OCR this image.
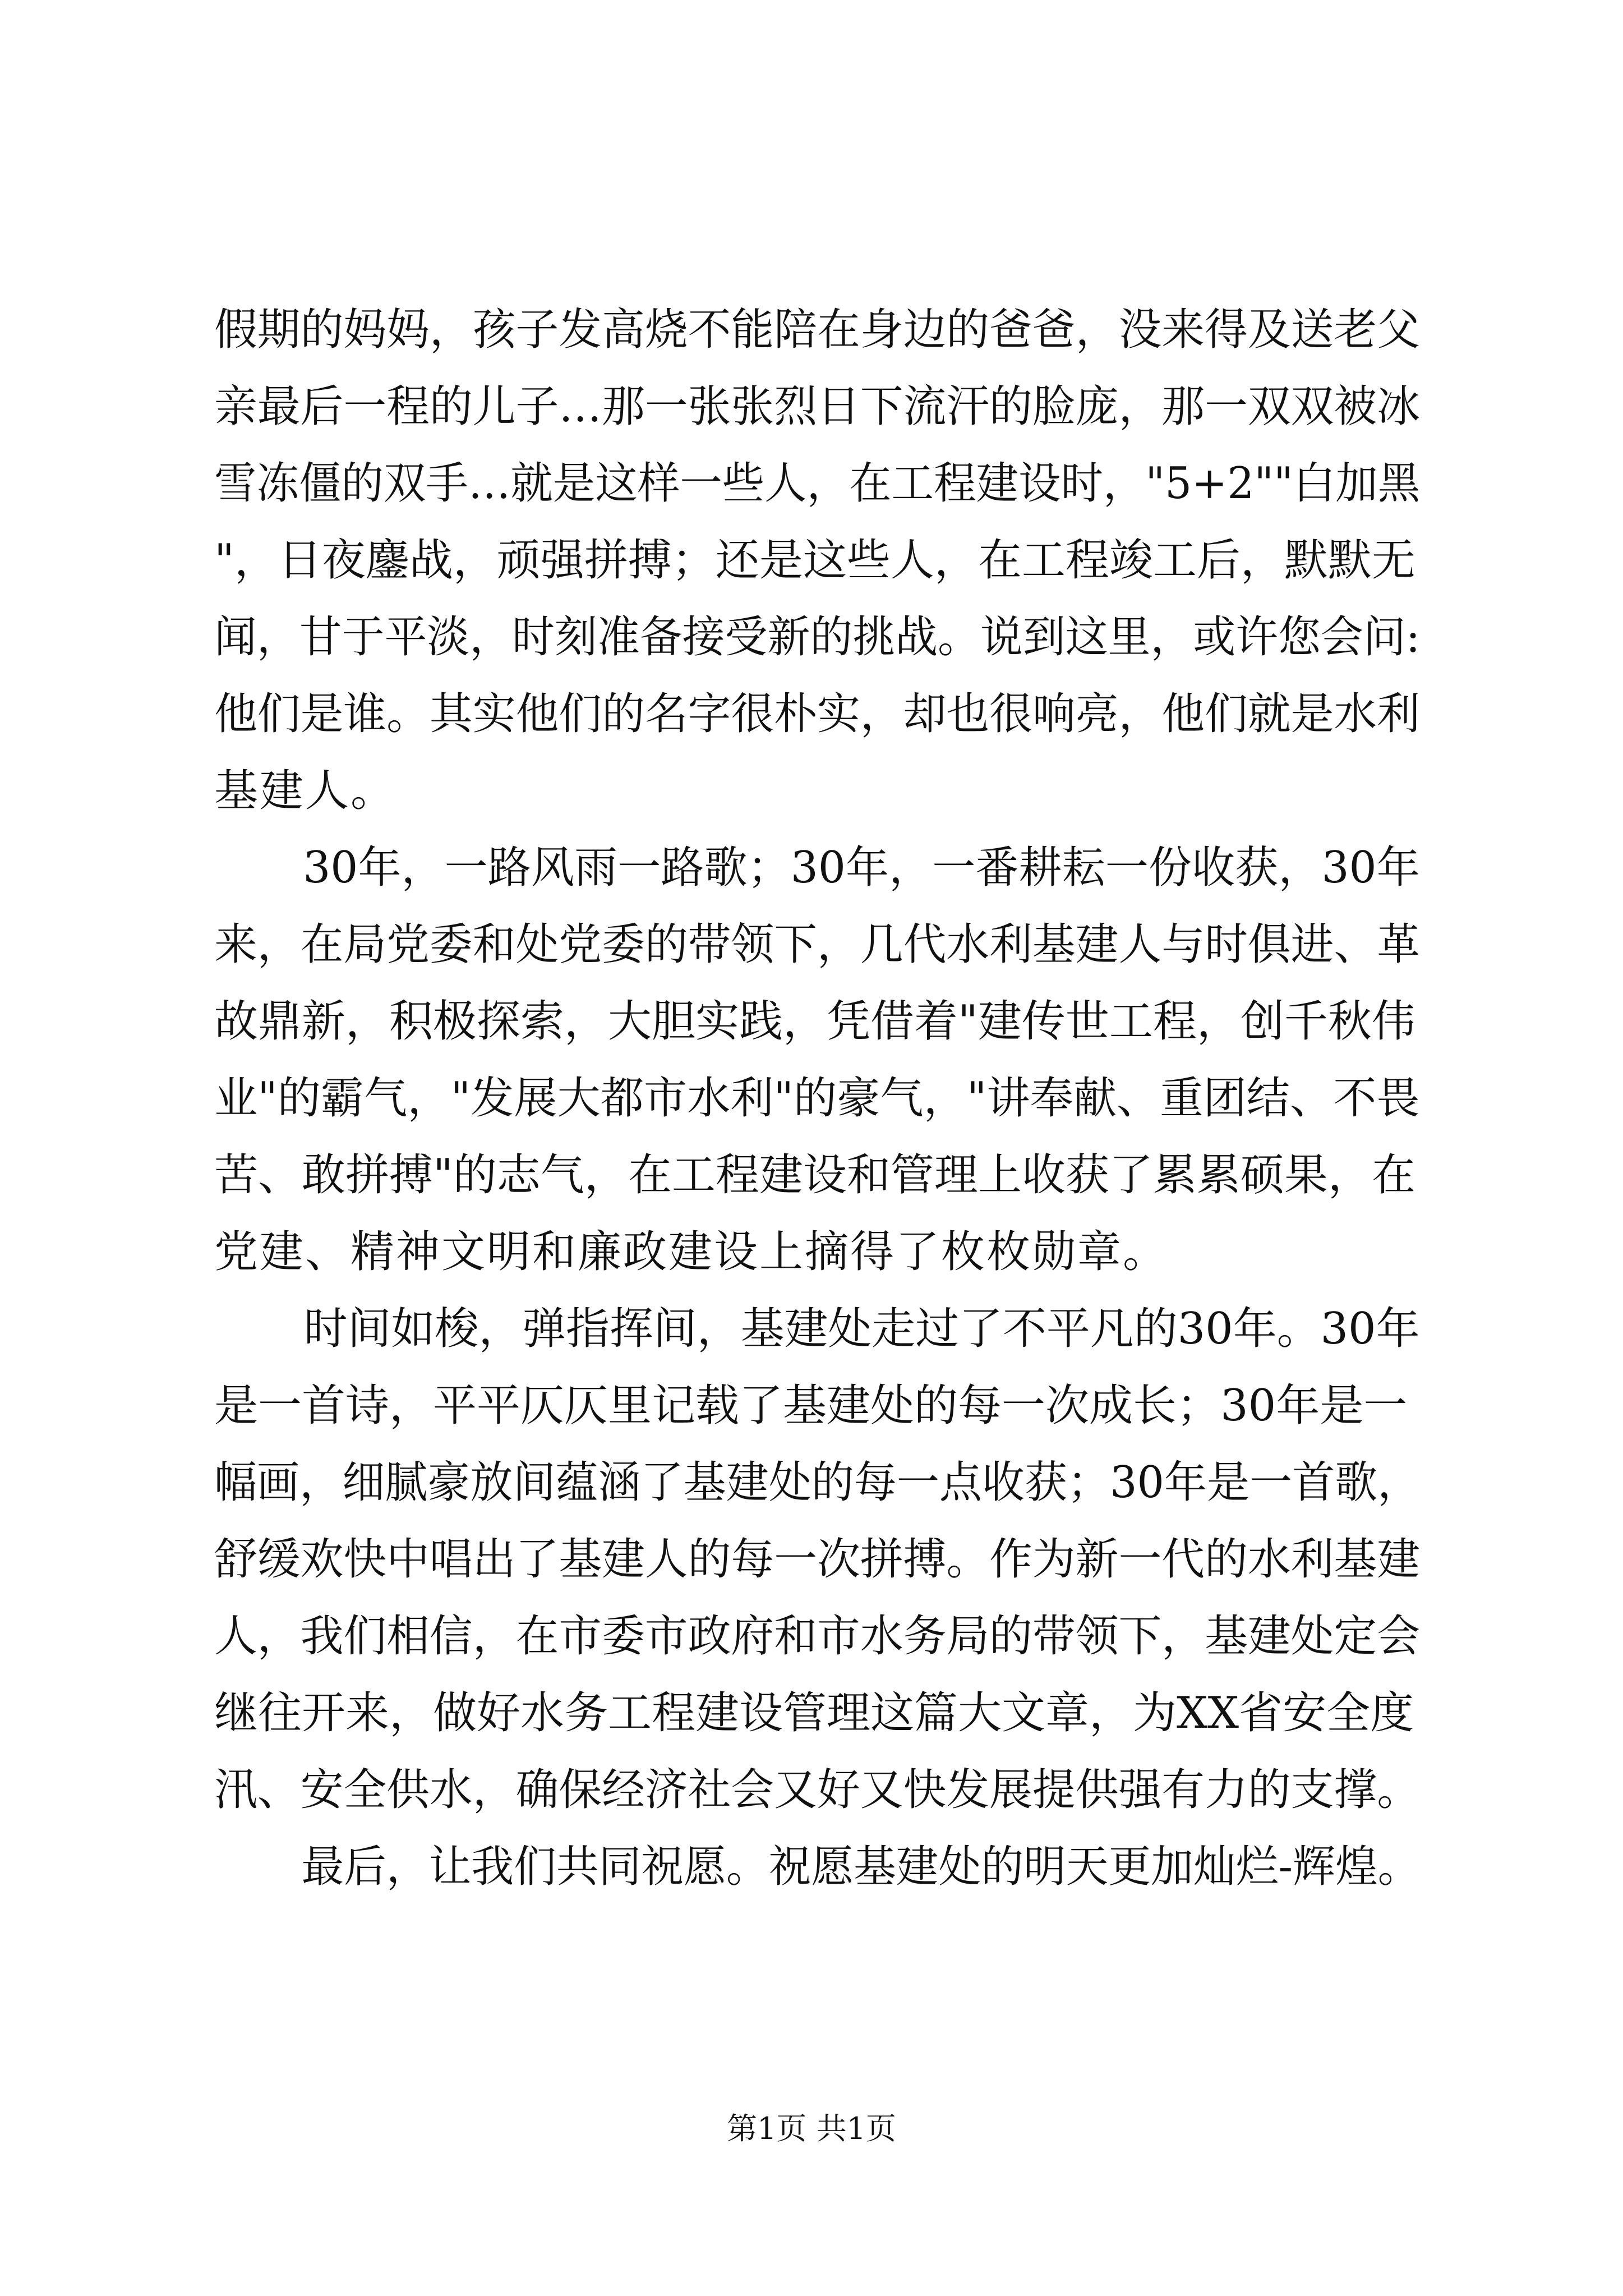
假期的妈妈，孩子发高烧不能陪在身边的爸爸，没来得及送老父
亲最后一程的儿子…那一张张烈日下流汗的脸庞，那一双双被冰
雪冻僵的双手…就是这样一些人，在工程建设时，"5+2""白加黑
"，日夜鏖战，顽强拼搏；还是这些人，在工程竣工后，默默无
闻，甘于平淡，时刻准备接受新的挑战。说到这里，或许您会问:
他们是谁。其实他们的名字很朴实，却也很响亮，他们就是水利
基建人。
30年，一路风雨一路歌；30年，一番耕耘一份收获，30年
来，在局党委和处党委的带领下，几代水利基建人与时俱进、革
故鼎新，积极探索，大胆实践，凭借着"建传世工程，创千秋伟
业"的霸气，"发展大都市水利"的豪气，"讲奉献、重团结、不畏
苦、敢拼搏"的志气，在工程建设和管理上收获了累累硕果，在
党建、精神文明和廉政建设上摘得了枚枚勋章。
时间如梭，弹指挥间，基建处走过了不平凡的30年。30年
是一首诗，平平仄仄里记载了基建处的每一次成长；30年是一
幅画，细腻豪放间蕴涵了基建处的每一点收获；30年是一首歌，
舒缓欢快中唱出了基建人的每一次拼搏。作为新一代的水利基建
人，我们相信，在市委市政府和市水务局的带领下，基建处定会
继往开来，做好水务工程建设管理这篇大文章，为XX省安全度
汛、安全供水，确保经济社会又好又快发展提供强有力的支撑。
最后，让我们共同祝愿。祝愿基建处的明天更加灿烂-辉煌。
第1页 共1页
